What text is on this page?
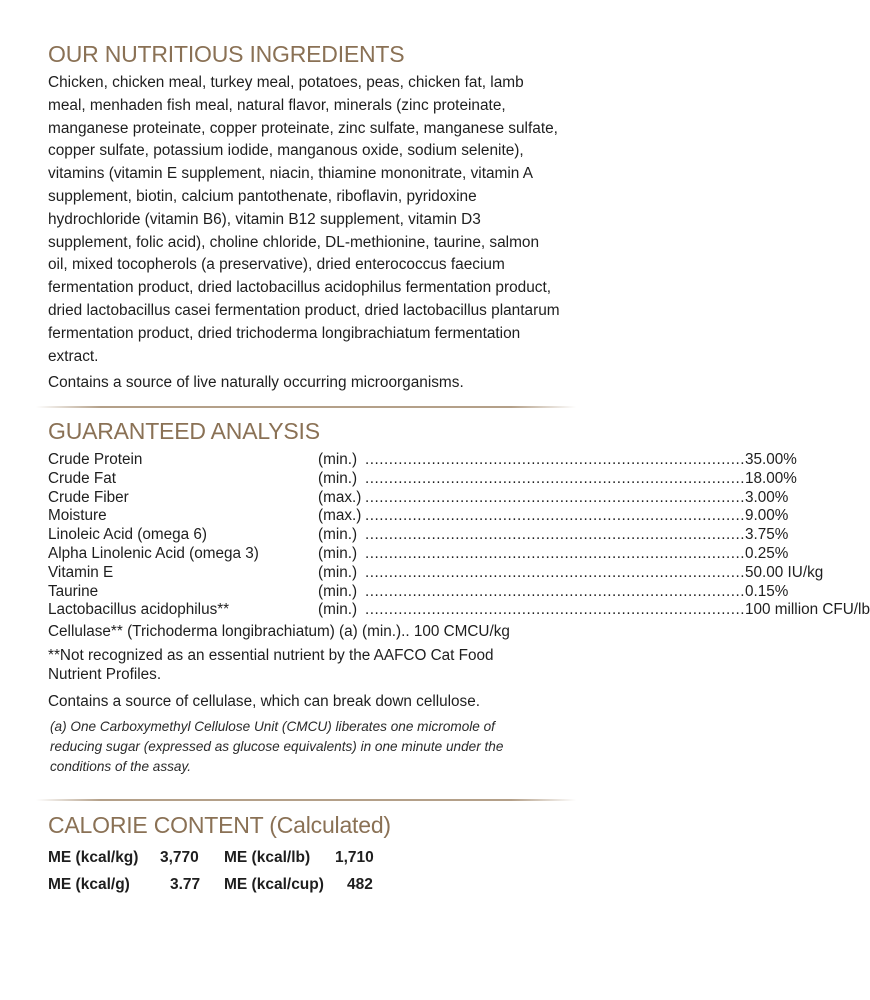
OUR NUTRITIOUS INGREDIENTS

Chicken, chicken meal, turkey meal, potatoes, peas, chicken fat, lamb meal, menhaden fish meal, natural flavor, minerals (zinc proteinate, manganese proteinate, copper proteinate, zinc sulfate, manganese sulfate, copper sulfate, potassium iodide, manganous oxide, sodium selenite), vitamins (vitamin E supplement, niacin, thiamine mononitrate, vitamin A supplement, biotin, calcium pantothenate, riboflavin, pyridoxine hydrochloride (vitamin B6), vitamin B12 supplement, vitamin D3 supplement, folic acid), choline chloride, DL-methionine, taurine, salmon oil, mixed tocopherols (a preservative), dried enterococcus faecium fermentation product, dried lactobacillus acidophilus fermentation product, dried lactobacillus casei fermentation product, dried lactobacillus plantarum fermentation product, dried trichoderma longibrachiatum fermentation extract.

Contains a source of live naturally occurring microorganisms.

GUARANTEED ANALYSIS
Crude Protein	(min.) ................................................................................ 35.00%
Crude Fat	(min.) ................................................................................ 18.00%
Crude Fiber	(max.) ................................................................................ 3.00%
Moisture	(max.) ................................................................................ 9.00%
Linoleic Acid (omega 6)	(min.) ................................................................................ 3.75%
Alpha Linolenic Acid (omega 3)	(min.) ................................................................................ 0.25%
Vitamin E	(min.) ................................................................................ 50.00 IU/kg
Taurine	(min.) ................................................................................ 0.15%
Lactobacillus acidophilus**	(min.) ................................................................................ 100 million CFU/lb
Cellulase** (Trichoderma longibrachiatum) (a) (min.).. 100 CMCU/kg

**Not recognized as an essential nutrient by the AAFCO Cat Food Nutrient Profiles.

Contains a source of cellulase, which can break down cellulose.

(a) One Carboxymethyl Cellulose Unit (CMCU) liberates one micromole of reducing sugar (expressed as glucose equivalents) in one minute under the conditions of the assay.

CALORIE CONTENT (Calculated)
ME (kcal/kg) 3,770 ME (kcal/lb) 1,710
ME (kcal/g)	3.77 ME (kcal/cup) 482
